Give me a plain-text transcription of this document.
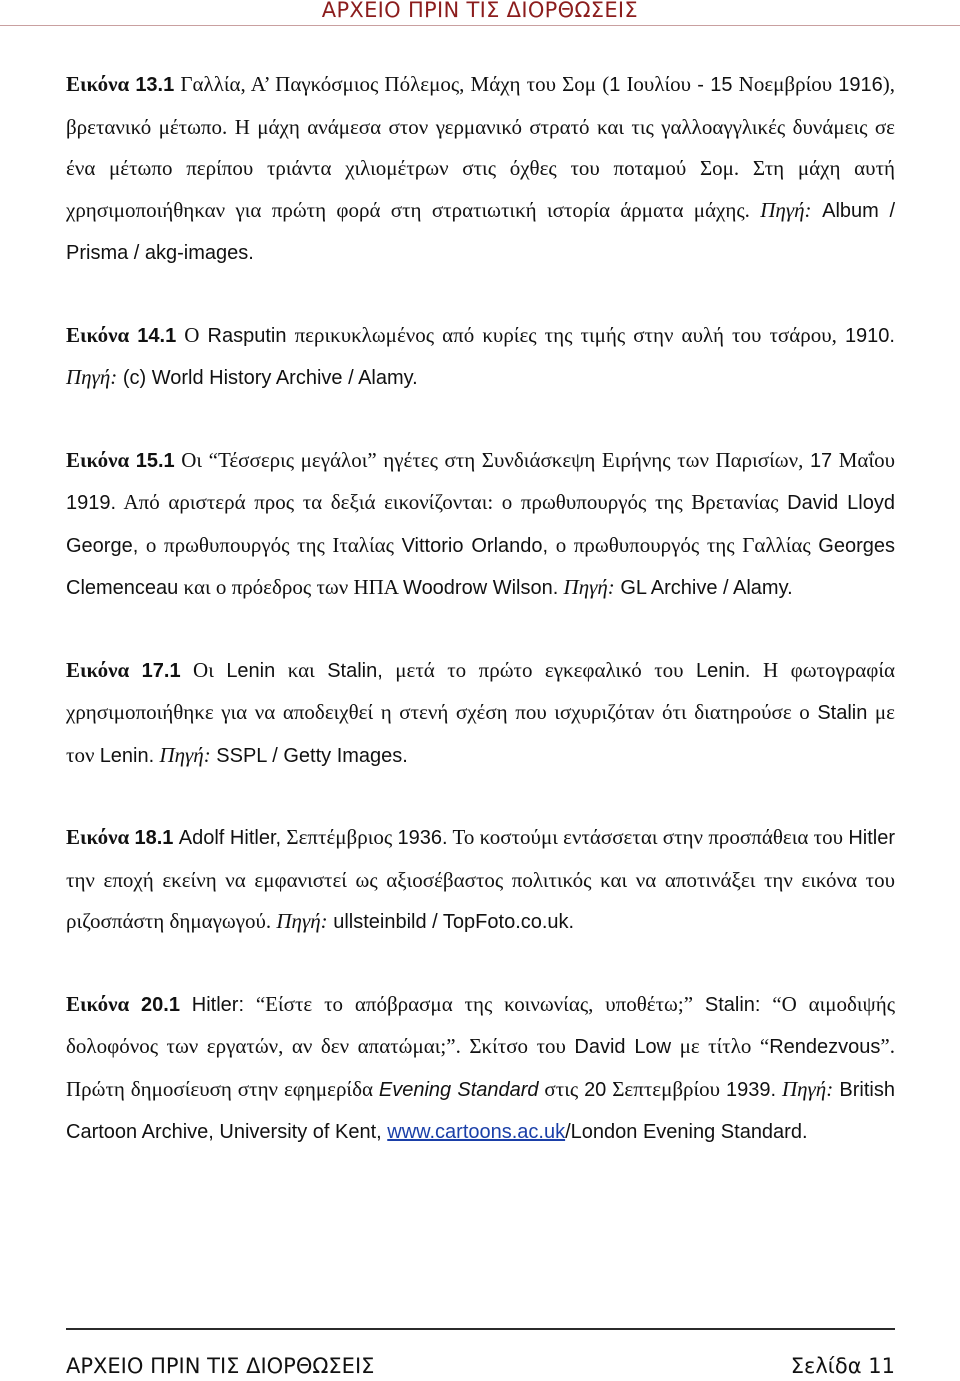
ΑΡΧΕΙΟ ΠΡΙΝ ΤΙΣ ΔΙΟΡΘΩΣΕΙΣ

Εικόνα 13.1 Γαλλία, Α’ Παγκόσμιος Πόλεμος, Μάχη του Σομ (1 Ιουλίου - 15 Νοεμβρίου 1916), βρετανικό μέτωπο. Η μάχη ανάμεσα στον γερμανικό στρατό και τις γαλλοαγγλικές δυνάμεις σε ένα μέτωπο περίπου τριάντα χιλιομέτρων στις όχθες του ποταμού Σομ. Στη μάχη αυτή χρησιμοποιήθηκαν για πρώτη φορά στη στρατιωτική ιστορία άρματα μάχης. Πηγή: Album / Prisma / akg-images.

Εικόνα 14.1 Ο Rasputin περικυκλωμένος από κυρίες της τιμής στην αυλή του τσάρου, 1910. Πηγή: (c) World History Archive / Alamy.

Εικόνα 15.1 Οι “Τέσσερις μεγάλοι” ηγέτες στη Συνδιάσκεψη Ειρήνης των Παρισίων, 17 Μαΐου 1919. Από αριστερά προς τα δεξιά εικονίζονται: ο πρωθυπουργός της Βρετανίας David Lloyd George, ο πρωθυπουργός της Ιταλίας Vittorio Orlando, ο πρωθυπουργός της Γαλλίας Georges Clemenceau και ο πρόεδρος των ΗΠΑ Woodrow Wilson. Πηγή: GL Archive / Alamy.

Εικόνα 17.1 Οι Lenin και Stalin, μετά το πρώτο εγκεφαλικό του Lenin. Η φωτογραφία χρησιμοποιήθηκε για να αποδειχθεί η στενή σχέση που ισχυριζόταν ότι διατηρούσε ο Stalin με τον Lenin. Πηγή: SSPL / Getty Images.

Εικόνα 18.1 Adolf Hitler, Σεπτέμβριος 1936. Το κοστούμι εντάσσεται στην προσπάθεια του Hitler την εποχή εκείνη να εμφανιστεί ως αξιοσέβαστος πολιτικός και να αποτινάξει την εικόνα του ριζοσπάστη δημαγωγού. Πηγή: ullsteinbild / TopFoto.co.uk.

Εικόνα 20.1 Hitler: “Είστε το απόβρασμα της κοινωνίας, υποθέτω;” Stalin: “Ο αιμοδιψής δολοφόνος των εργατών, αν δεν απατώμαι;”. Σκίτσο του David Low με τίτλο “Rendezvous”. Πρώτη δημοσίευση στην εφημερίδα Evening Standard στις 20 Σεπτεμβρίου 1939. Πηγή: British Cartoon Archive, University of Kent, www.cartoons.ac.uk/London Evening Standard.

ΑΡΧΕΙΟ ΠΡΙΝ ΤΙΣ ΔΙΟΡΘΩΣΕΙΣ	Σελίδα 11
